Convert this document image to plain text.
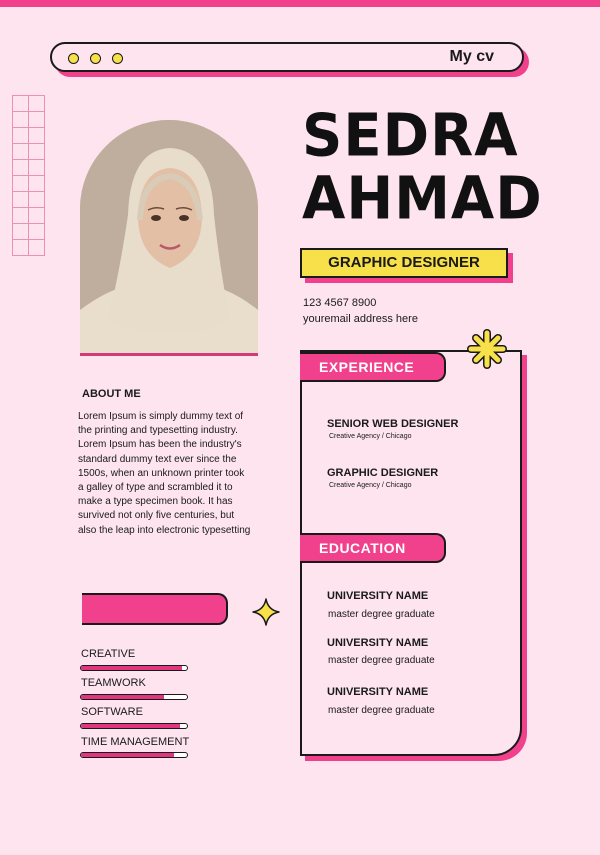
My cv
SEDRA
AHMAD
GRAPHIC DESIGNER
123 4567 8900
youremail address here
ABOUT ME
Lorem Ipsum is simply dummy text of
the printing and typesetting industry.
Lorem Ipsum has been the industry's
standard dummy text ever since the
1500s, when an unknown printer took
a galley of type and scrambled it to
make a type specimen book. It has
survived not only five centuries, but
also the leap into electronic typesetting
CREATIVE
TEAMWORK
SOFTWARE
TIME MANAGEMENT
EXPERIENCE
SENIOR WEB DESIGNER
Creative Agency / Chicago
GRAPHIC DESIGNER
Creative Agency / Chicago
EDUCATION
UNIVERSITY NAME
master degree graduate
UNIVERSITY NAME
master degree graduate
UNIVERSITY NAME
master degree graduate
